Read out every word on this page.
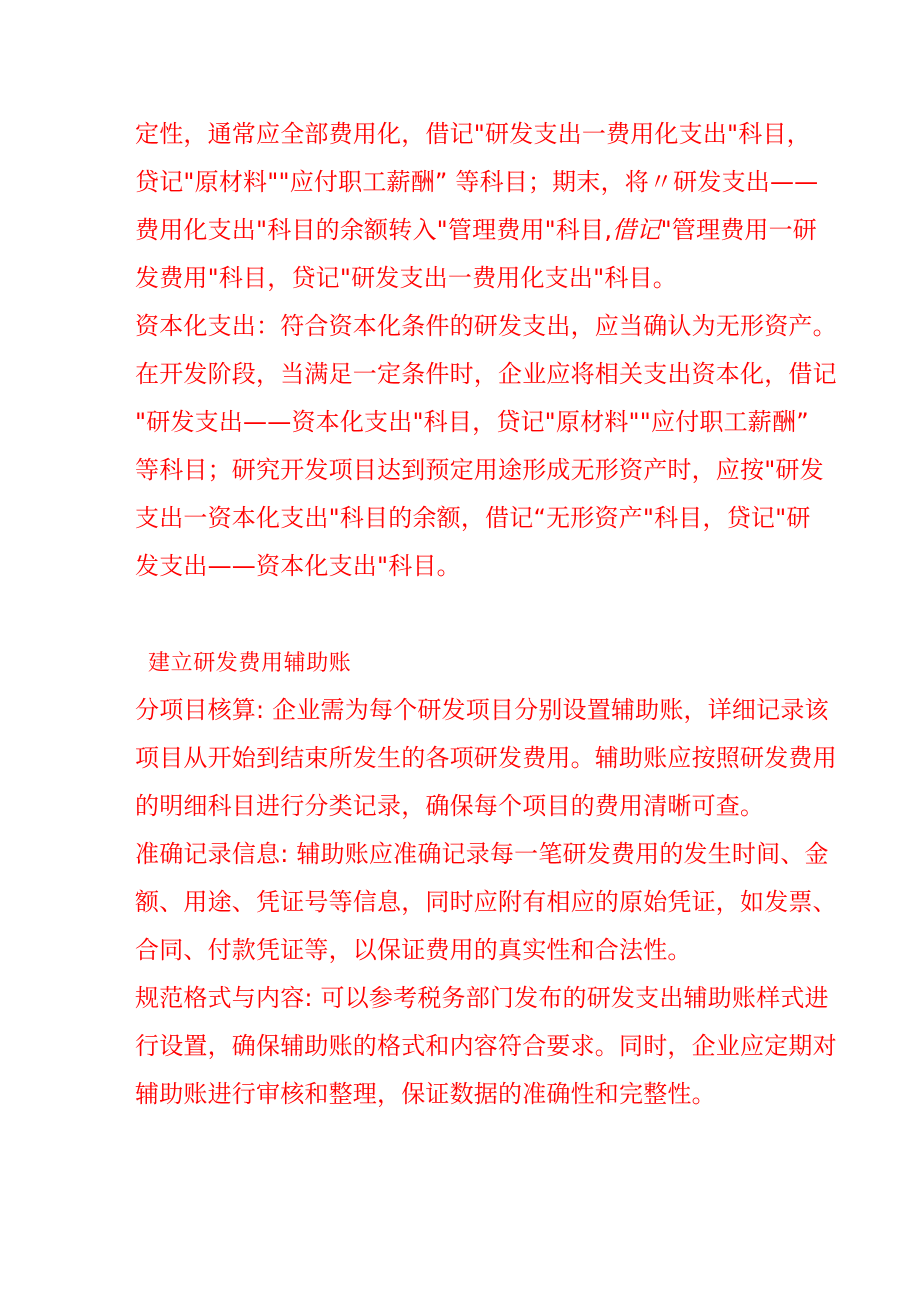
定性，通常应全部费用化，借记"研发支出一费用化支出"科目，
贷记"原材料""应付职工薪酬” 等科目；期末，将〃研发支出——
费用化支出"科目的余额转入"管理费用"科目,借记"管理费用一研
发费用"科目，贷记"研发支出一费用化支出"科目。
资本化支出：符合资本化条件的研发支出，应当确认为无形资产。
在开发阶段，当满足一定条件时，企业应将相关支出资本化，借记
"研发支出——资本化支出"科目，贷记"原材料""应付职工薪酬”
等科目；研究开发项目达到预定用途形成无形资产时，应按"研发
支出一资本化支出"科目的余额，借记“无形资产"科目，贷记"研
发支出——资本化支出"科目。
建立研发费用辅助账
分项目核算: 企业需为每个研发项目分别设置辅助账，详细记录该
项目从开始到结束所发生的各项研发费用。辅助账应按照研发费用
的明细科目进行分类记录，确保每个项目的费用清晰可查。
准确记录信息: 辅助账应准确记录每一笔研发费用的发生时间、金
额、用途、凭证号等信息，同时应附有相应的原始凭证，如发票、
合同、付款凭证等，以保证费用的真实性和合法性。
规范格式与内容: 可以参考税务部门发布的研发支出辅助账样式进
行设置，确保辅助账的格式和内容符合要求。同时，企业应定期对
辅助账进行审核和整理，保证数据的准确性和完整性。
